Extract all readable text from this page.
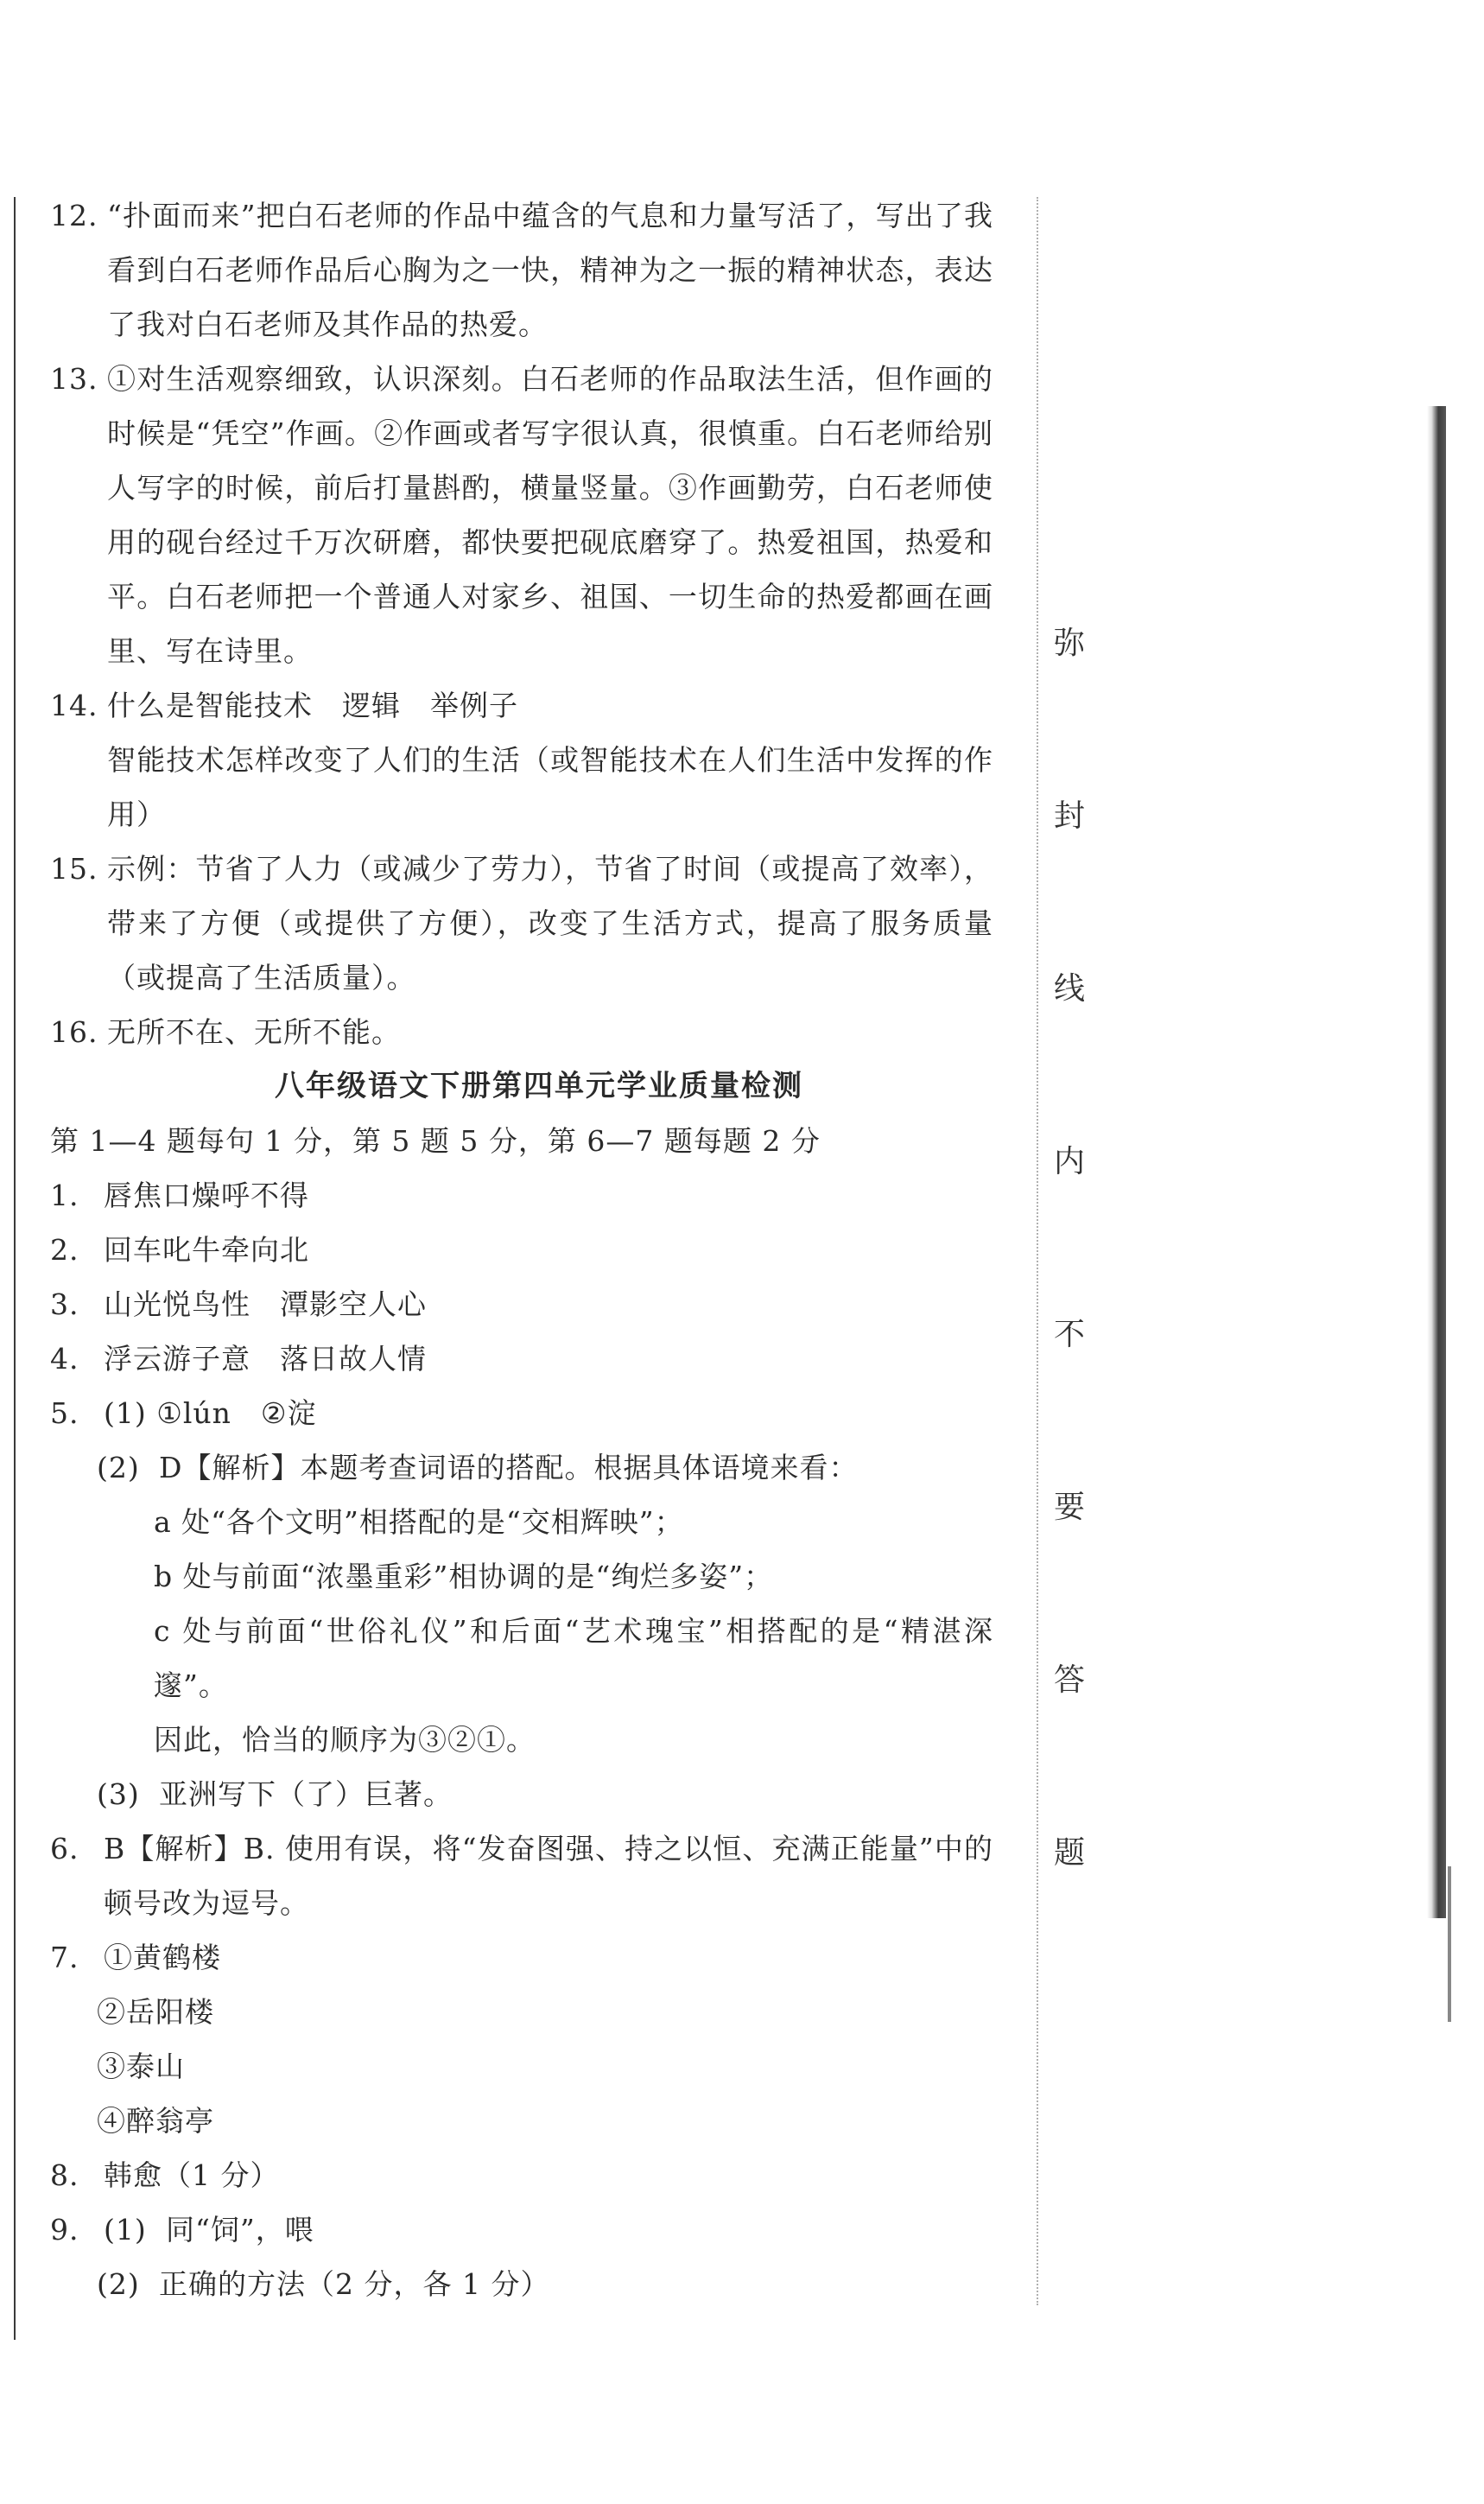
12. “扑面而来”把白石老师的作品中蕴含的气息和力量写活了，写出了我看到白石老师作品后心胸为之一快，精神为之一振的精神状态，表达了我对白石老师及其作品的热爱。
13. ①对生活观察细致，认识深刻。白石老师的作品取法生活，但作画的时候是“凭空”作画。②作画或者写字很认真，很慎重。白石老师给别人写字的时候，前后打量斟酌，横量竖量。③作画勤劳，白石老师使用的砚台经过千万次研磨，都快要把砚底磨穿了。热爱祖国，热爱和平。白石老师把一个普通人对家乡、祖国、一切生命的热爱都画在画里、写在诗里。
14. 什么是智能技术　逻辑　举例子
智能技术怎样改变了人们的生活（或智能技术在人们生活中发挥的作用）
15. 示例：节省了人力（或减少了劳力），节省了时间（或提高了效率），带来了方便（或提供了方便），改变了生活方式，提高了服务质量（或提高了生活质量）。
16. 无所不在、无所不能。
八年级语文下册第四单元学业质量检测
第 1—4 题每句 1 分，第 5 题 5 分，第 6—7 题每题 2 分
1. 唇焦口燥呼不得
2. 回车叱牛牵向北
3. 山光悦鸟性　潭影空人心
4. 浮云游子意　落日故人情
5. (1) ①lún　②淀
(2) D【解析】本题考查词语的搭配。根据具体语境来看：
a 处“各个文明”相搭配的是“交相辉映”；
b 处与前面“浓墨重彩”相协调的是“绚烂多姿”；
c 处与前面“世俗礼仪”和后面“艺术瑰宝”相搭配的是“精湛深邃”。
因此，恰当的顺序为③②①。
(3) 亚洲写下（了）巨著。
6. B【解析】B. 使用有误，将“发奋图强、持之以恒、充满正能量”中的顿号改为逗号。
7. ①黄鹤楼
②岳阳楼
③泰山
④醉翁亭
8. 韩愈（1 分）
9. (1) 同“饲”，喂
(2) 正确的方法（2 分，各 1 分）
弥
封
线
内
不
要
答
题
